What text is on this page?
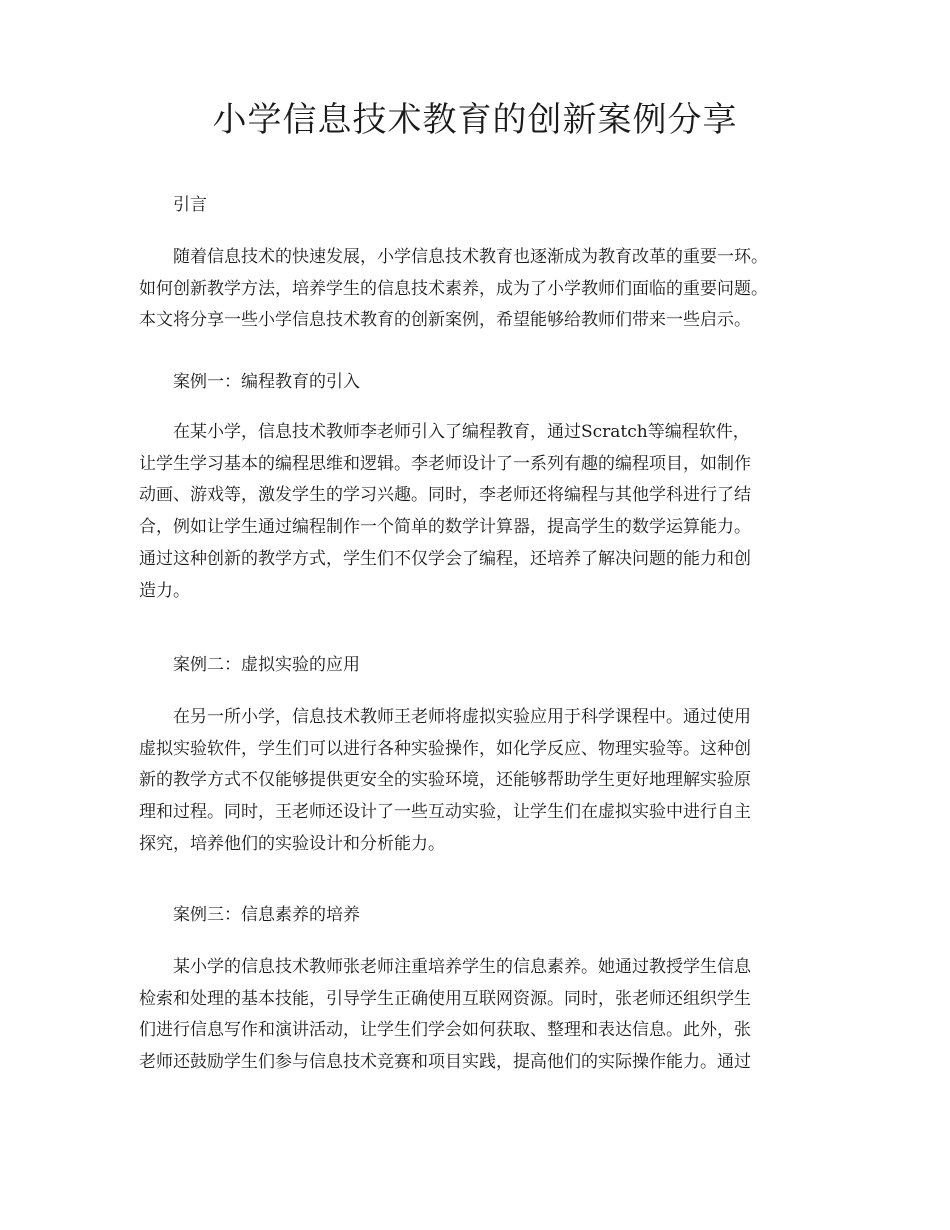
小学信息技术教育的创新案例分享

引言

随着信息技术的快速发展，小学信息技术教育也逐渐成为教育改革的重要一环。
如何创新教学方法，培养学生的信息技术素养，成为了小学教师们面临的重要问题。
本文将分享一些小学信息技术教育的创新案例，希望能够给教师们带来一些启示。

案例一：编程教育的引入

在某小学，信息技术教师李老师引入了编程教育，通过Scratch等编程软件，
让学生学习基本的编程思维和逻辑。李老师设计了一系列有趣的编程项目，如制作
动画、游戏等，激发学生的学习兴趣。同时，李老师还将编程与其他学科进行了结
合，例如让学生通过编程制作一个简单的数学计算器，提高学生的数学运算能力。
通过这种创新的教学方式，学生们不仅学会了编程，还培养了解决问题的能力和创
造力。

案例二：虚拟实验的应用

在另一所小学，信息技术教师王老师将虚拟实验应用于科学课程中。通过使用
虚拟实验软件，学生们可以进行各种实验操作，如化学反应、物理实验等。这种创
新的教学方式不仅能够提供更安全的实验环境，还能够帮助学生更好地理解实验原
理和过程。同时，王老师还设计了一些互动实验，让学生们在虚拟实验中进行自主
探究，培养他们的实验设计和分析能力。

案例三：信息素养的培养

某小学的信息技术教师张老师注重培养学生的信息素养。她通过教授学生信息
检索和处理的基本技能，引导学生正确使用互联网资源。同时，张老师还组织学生
们进行信息写作和演讲活动，让学生们学会如何获取、整理和表达信息。此外，张
老师还鼓励学生们参与信息技术竞赛和项目实践，提高他们的实际操作能力。通过
